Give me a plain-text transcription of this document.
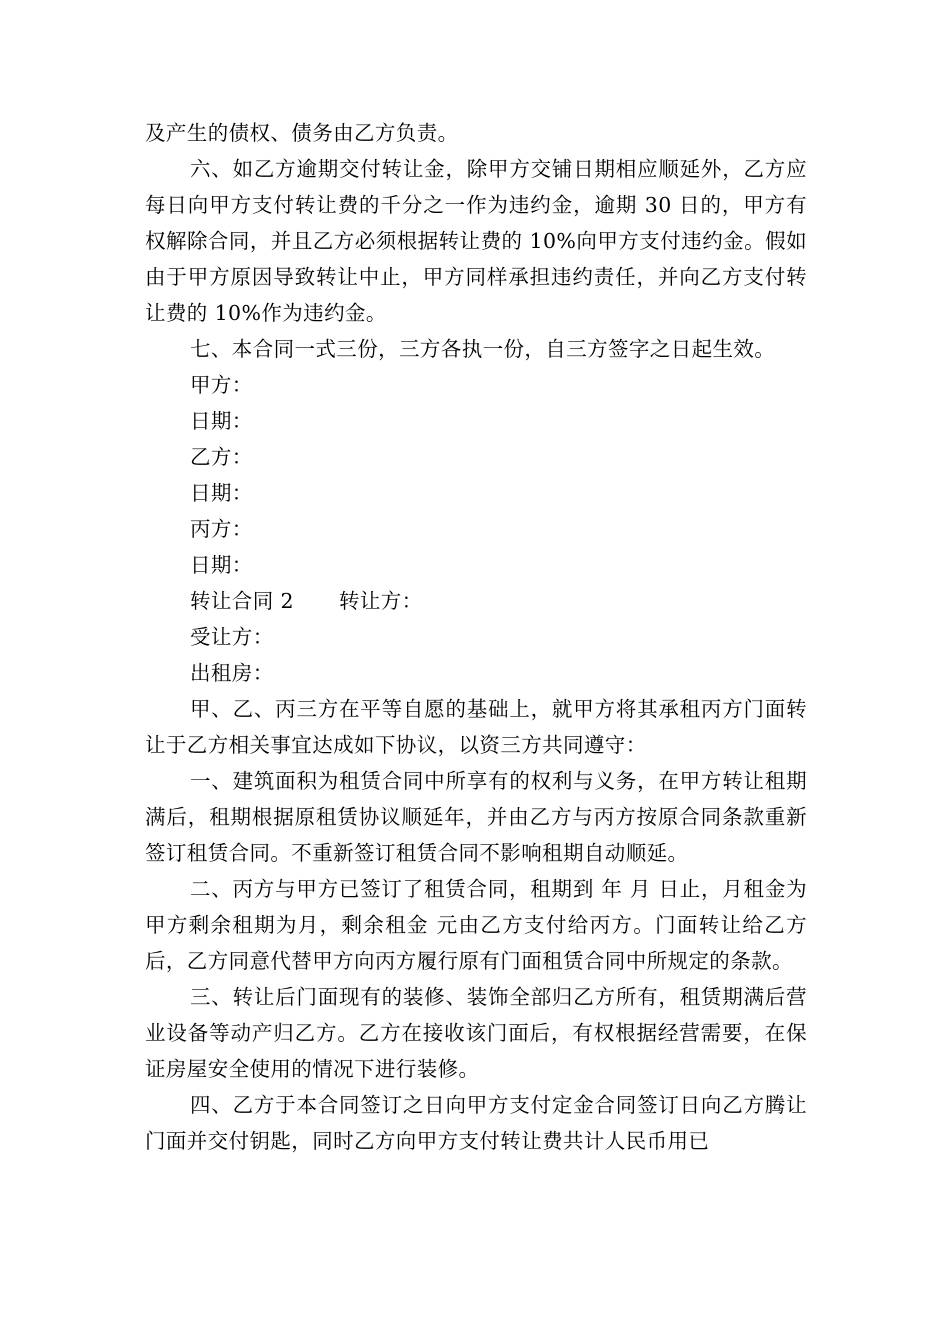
及产生的债权、债务由乙方负责。

六、如乙方逾期交付转让金，除甲方交铺日期相应顺延外，乙方应每日向甲方支付转让费的千分之一作为违约金，逾期 30 日的，甲方有权解除合同，并且乙方必须根据转让费的 10%向甲方支付违约金。假如由于甲方原因导致转让中止，甲方同样承担违约责任，并向乙方支付转让费的 10%作为违约金。

七、本合同一式三份，三方各执一份，自三方签字之日起生效。

甲方：

日期：

乙方：

日期：

丙方：

日期：

转让合同 2 转让方：

受让方：

出租房：

甲、乙、丙三方在平等自愿的基础上，就甲方将其承租丙方门面转让于乙方相关事宜达成如下协议，以资三方共同遵守：

一、建筑面积为租赁合同中所享有的权利与义务，在甲方转让租期满后，租期根据原租赁协议顺延年，并由乙方与丙方按原合同条款重新签订租赁合同。不重新签订租赁合同不影响租期自动顺延。

二、丙方与甲方已签订了租赁合同，租期到 年 月 日止，月租金为甲方剩余租期为月，剩余租金 元由乙方支付给丙方。门面转让给乙方后，乙方同意代替甲方向丙方履行原有门面租赁合同中所规定的条款。

三、转让后门面现有的装修、装饰全部归乙方所有，租赁期满后营业设备等动产归乙方。乙方在接收该门面后，有权根据经营需要，在保证房屋安全使用的情况下进行装修。

四、乙方于本合同签订之日向甲方支付定金合同签订日向乙方腾让门面并交付钥匙，同时乙方向甲方支付转让费共计人民币用已
